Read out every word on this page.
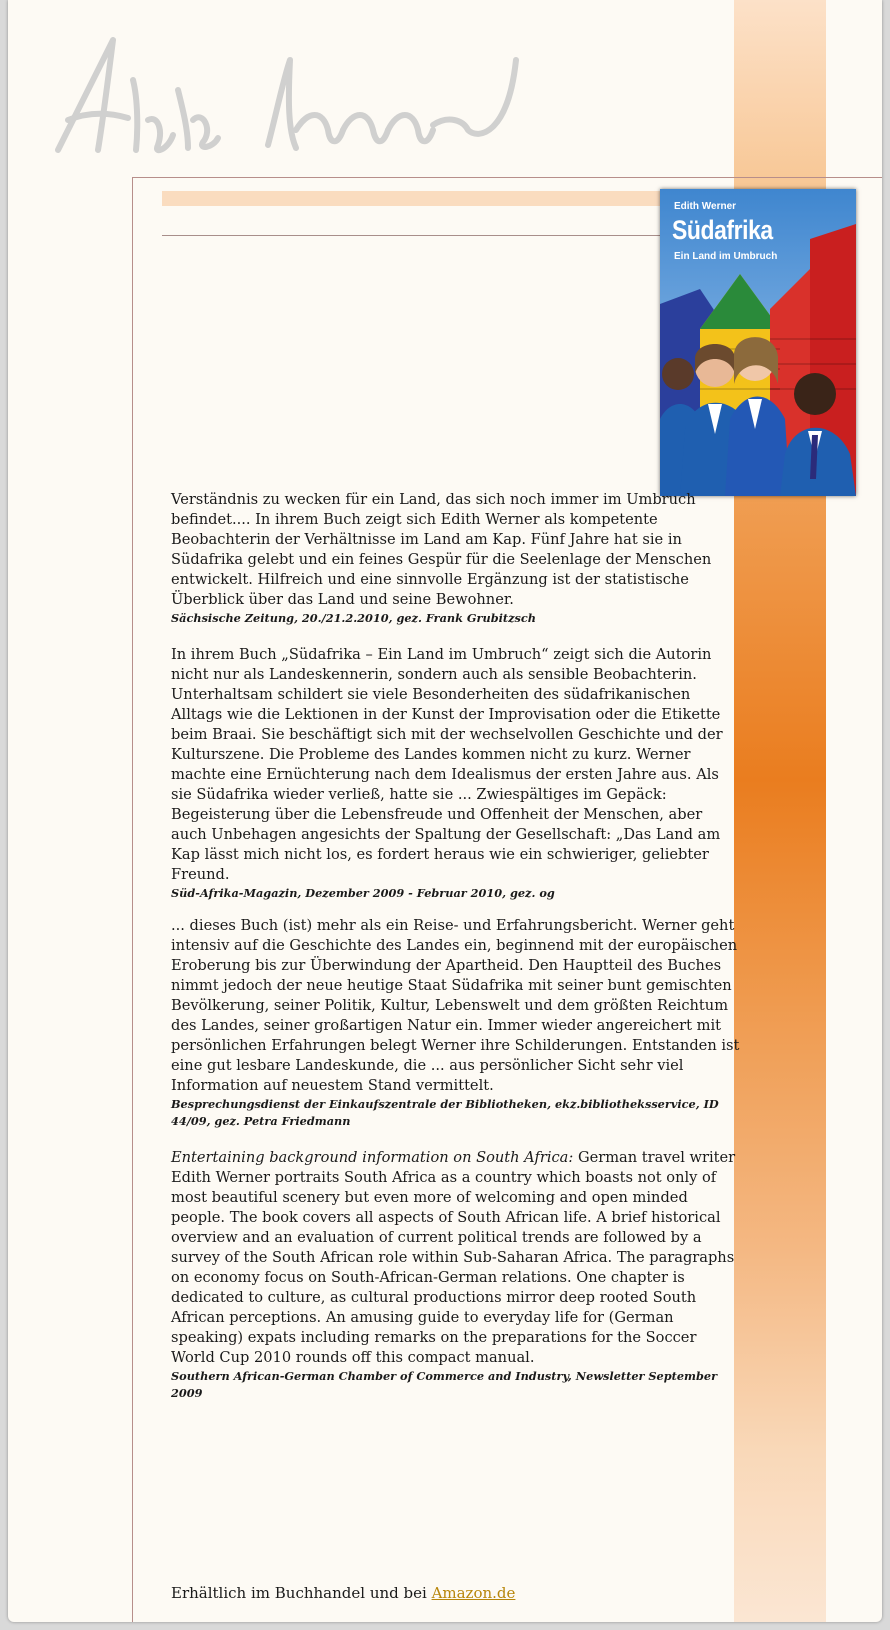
Edith Werner
Südafrika
Ein Land im Umbruch

Verständnis zu wecken für ein Land, das sich noch immer im Umbruch befindet.... In ihrem Buch zeigt sich Edith Werner als kompetente Beobachterin der Verhältnisse im Land am Kap. Fünf Jahre hat sie in Südafrika gelebt und ein feines Gespür für die Seelenlage der Menschen entwickelt. Hilfreich und eine sinnvolle Ergänzung ist der statistische Überblick über das Land und seine Bewohner.

Sächsische Zeitung, 20./21.2.2010, gez. Frank Grubitzsch

In ihrem Buch „Südafrika – Ein Land im Umbruch“ zeigt sich die Autorin nicht nur als Landeskennerin, sondern auch als sensible Beobachterin. Unterhaltsam schildert sie viele Besonderheiten des südafrikanischen Alltags wie die Lektionen in der Kunst der Improvisation oder die Etikette beim Braai. Sie beschäftigt sich mit der wechselvollen Geschichte und der Kulturszene. Die Probleme des Landes kommen nicht zu kurz. Werner machte eine Ernüchterung nach dem Idealismus der ersten Jahre aus. Als sie Südafrika wieder verließ, hatte sie ... Zwiespältiges im Gepäck: Begeisterung über die Lebensfreude und Offenheit der Menschen, aber auch Unbehagen angesichts der Spaltung der Gesellschaft: „Das Land am Kap lässt mich nicht los, es fordert heraus wie ein schwieriger, geliebter Freund.

Süd-Afrika-Magazin, Dezember 2009 - Februar 2010, gez. og

... dieses Buch (ist) mehr als ein Reise- und Erfahrungsbericht. Werner geht intensiv auf die Geschichte des Landes ein, beginnend mit der europäischen Eroberung bis zur Überwindung der Apartheid. Den Hauptteil des Buches nimmt jedoch der neue heutige Staat Südafrika mit seiner bunt gemischten Bevölkerung, seiner Politik, Kultur, Lebenswelt und dem größten Reichtum des Landes, seiner großartigen Natur ein. Immer wieder angereichert mit persönlichen Erfahrungen belegt Werner ihre Schilderungen. Entstanden ist eine gut lesbare Landeskunde, die ... aus persönlicher Sicht sehr viel Information auf neuestem Stand vermittelt.

Besprechungsdienst der Einkaufszentrale der Bibliotheken, ekz.bibliotheksservice, ID 44/09, gez. Petra Friedmann

Entertaining background information on South Africa: German travel writer Edith Werner portraits South Africa as a country which boasts not only of most beautiful scenery but even more of welcoming and open minded people. The book covers all aspects of South African life. A brief historical overview and an evaluation of current political trends are followed by a survey of the South African role within Sub-Saharan Africa. The paragraphs on economy focus on South-African-German relations. One chapter is dedicated to culture, as cultural productions mirror deep rooted South African perceptions. An amusing guide to everyday life for (German speaking) expats including remarks on the preparations for the Soccer World Cup 2010 rounds off this compact manual.

Southern African-German Chamber of Commerce and Industry, Newsletter September 2009

Erhältlich im Buchhandel und bei Amazon.de
